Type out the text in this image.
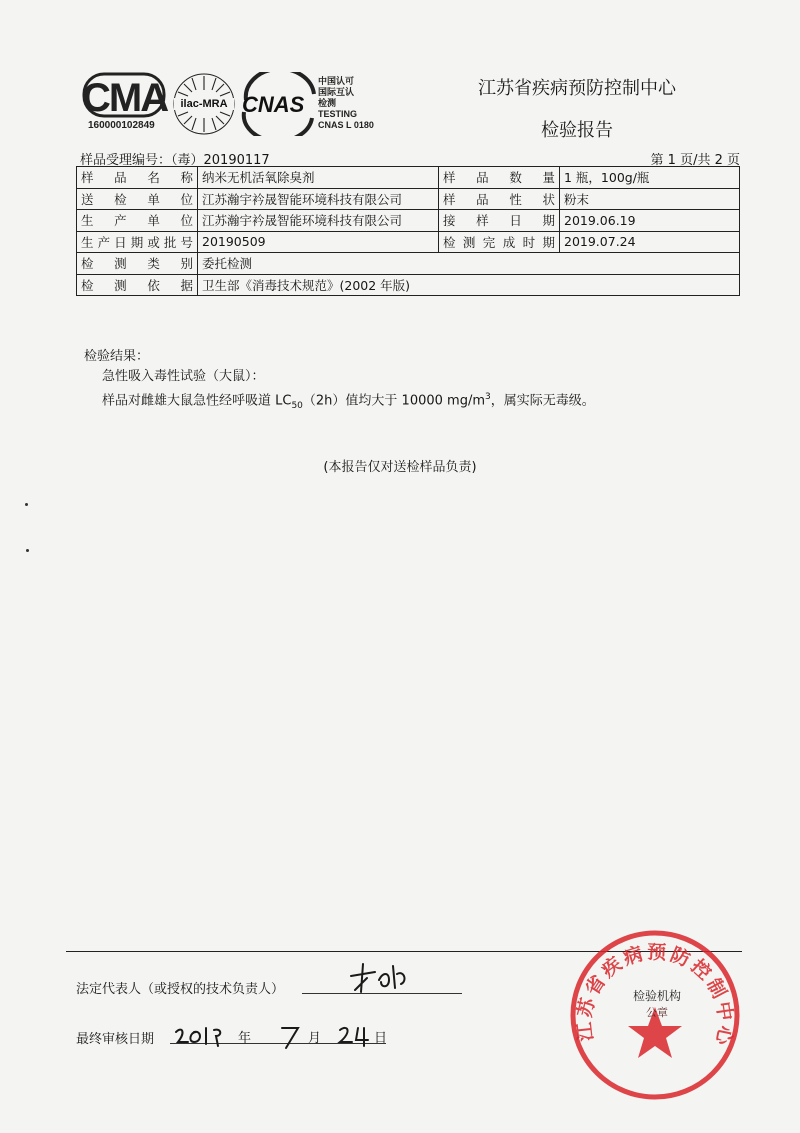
CMA
160000102849
ilac-MRA CNAS
中国认可
国际互认
检测
TESTING
CNAS L 0180
江苏省疾病预防控制中心
检验报告
样品受理编号：（毒）20190117	第 1 页/共 2 页
样品名称	纳米无机活氧除臭剂	样品数量	1 瓶，100g/瓶
送检单位	江苏瀚宇衿晟智能环境科技有限公司	样品性状	粉末
生产单位	江苏瀚宇衿晟智能环境科技有限公司	接样日期	2019.06.19
生产日期或批号	20190509	检测完成时期	2019.07.24
检测类别	委托检测		
检测依据	卫生部《消毒技术规范》(2002 年版)		
检验结果：
急性吸入毒性试验（大鼠）：
样品对雌雄大鼠急性经呼吸道 $LC_{50}(2h)$值均大于 10000 $mg/m^3$，属实际无毒级。
(本报告仅对送检样品负责)
法定代表人（或授权的技术负责人）
最终审核日期	年	月	日	江苏省疾病预防控制中心
检验机构
公章
